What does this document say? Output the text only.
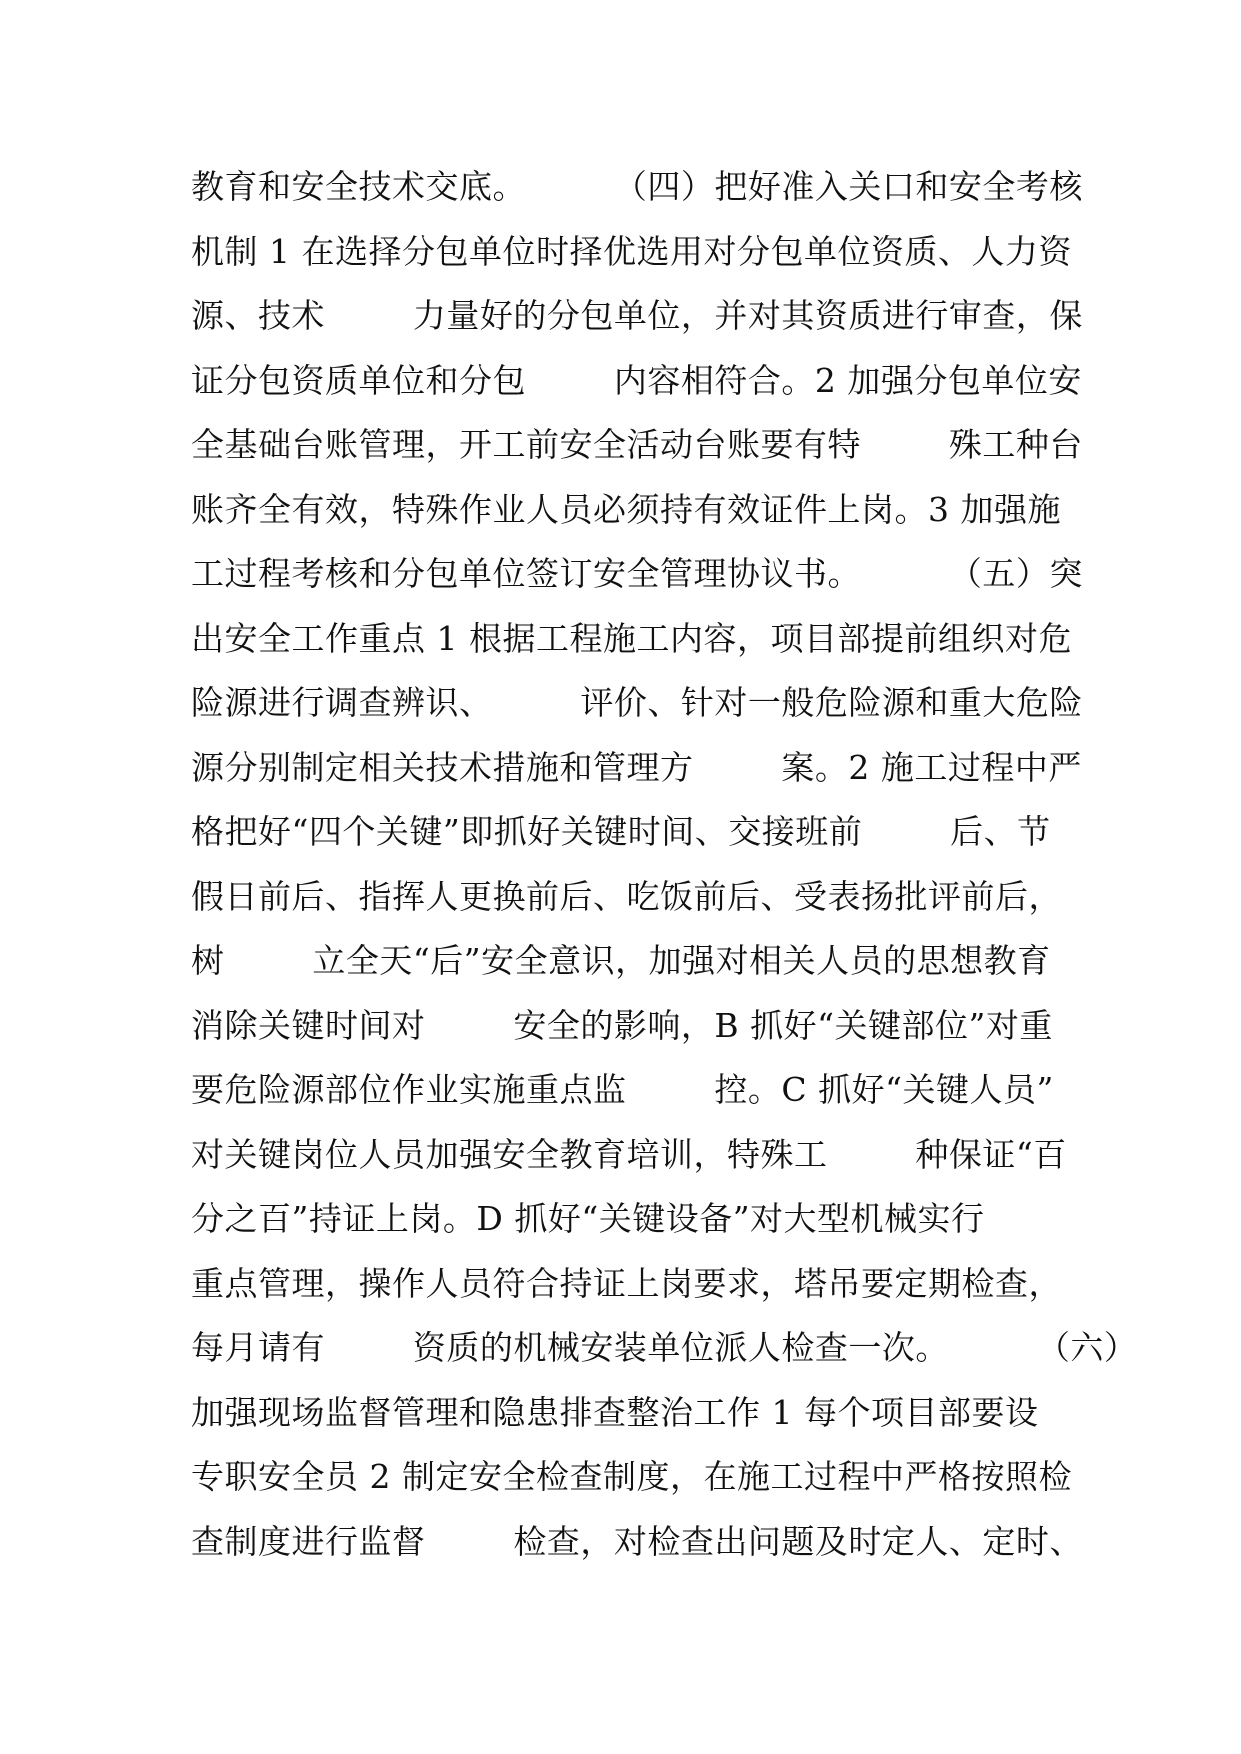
教育和安全技术交底。        （四）把好准入关口和安全考核
机制 1 在选择分包单位时择优选用对分包单位资质、人力资
源、技术        力量好的分包单位，并对其资质进行审查，保
证分包资质单位和分包        内容相符合。2 加强分包单位安
全基础台账管理，开工前安全活动台账要有特        殊工种台
账齐全有效，特殊作业人员必须持有效证件上岗。3 加强施
工过程考核和分包单位签订安全管理协议书。        （五）突
出安全工作重点 1 根据工程施工内容，项目部提前组织对危
险源进行调查辨识、        评价、针对一般危险源和重大危险
源分别制定相关技术措施和管理方        案。2 施工过程中严
格把好“四个关键”即抓好关键时间、交接班前        后、节
假日前后、指挥人更换前后、吃饭前后、受表扬批评前后，
树        立全天“后”安全意识，加强对相关人员的思想教育
消除关键时间对        安全的影响，B 抓好“关键部位”对重
要危险源部位作业实施重点监        控。C 抓好“关键人员”
对关键岗位人员加强安全教育培训，特殊工        种保证“百
分之百”持证上岗。D 抓好“关键设备”对大型机械实行
重点管理，操作人员符合持证上岗要求，塔吊要定期检查，
每月请有        资质的机械安装单位派人检查一次。        （六）
加强现场监督管理和隐患排查整治工作 1 每个项目部要设
专职安全员 2 制定安全检查制度，在施工过程中严格按照检
查制度进行监督        检查，对检查出问题及时定人、定时、
